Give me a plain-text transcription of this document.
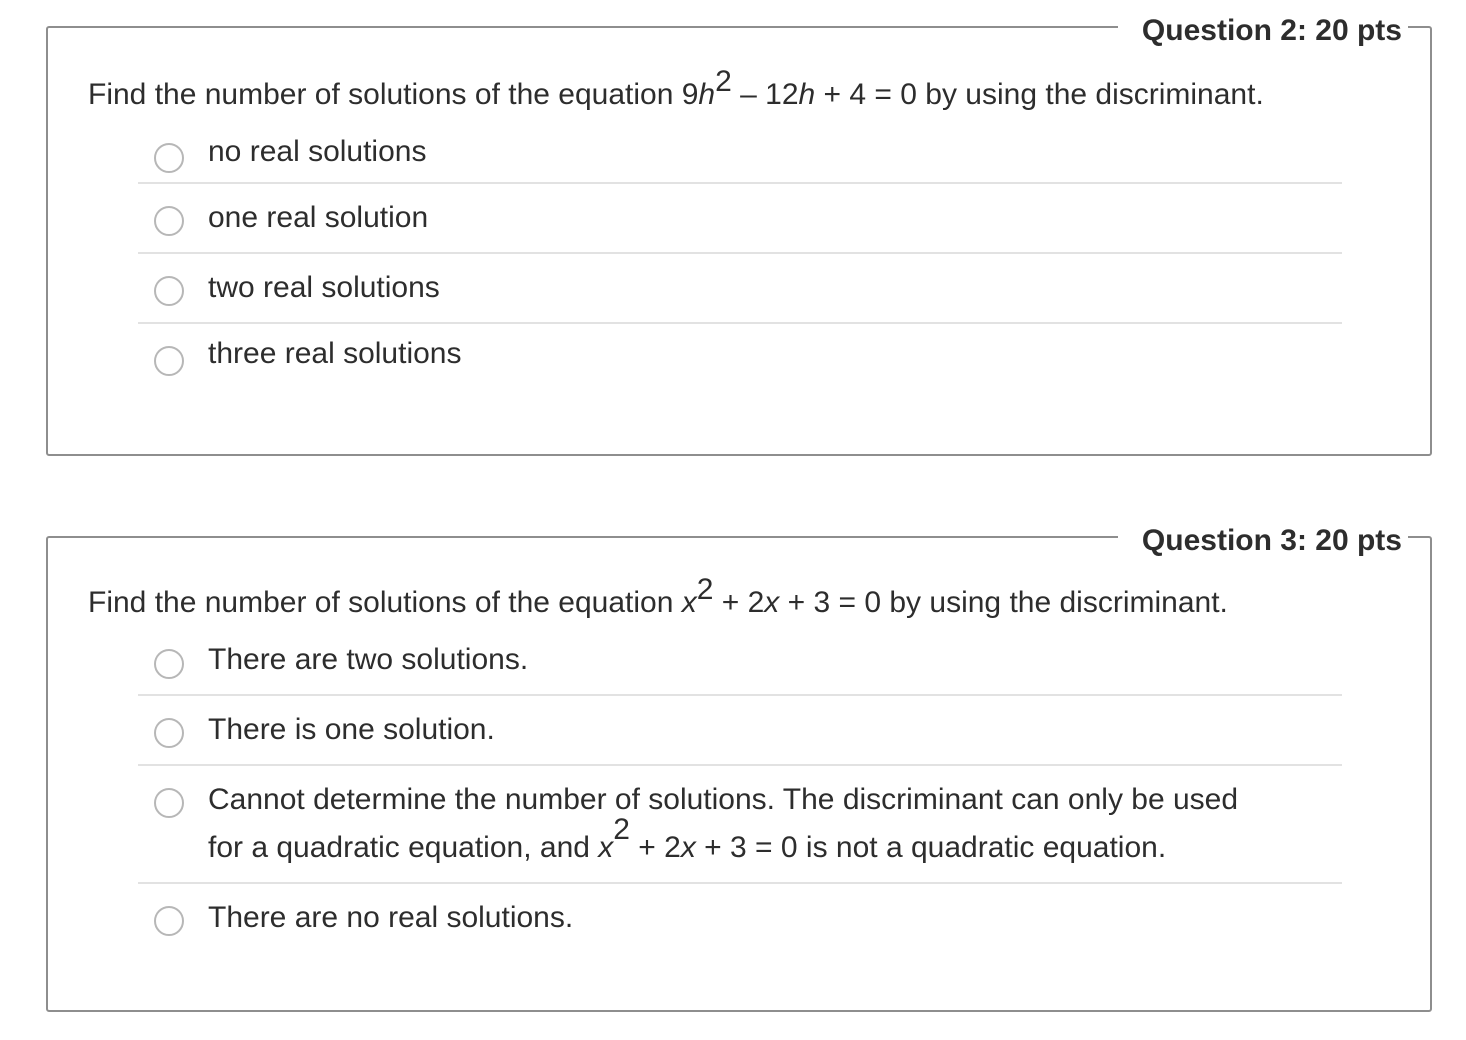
Question 2: 20 pts
Find the number of solutions of the equation $9h^2 - 12h + 4 = 0$ by using the discriminant.
no real solutions
one real solution
two real solutions
three real solutions
Question 3: 20 pts
Find the number of solutions of the equation $x^2 + 2x + 3 = 0$ by using the discriminant.
There are two solutions.
There is one solution.
Cannot determine the number of solutions. The discriminant can only be used
for a quadratic equation, and $x^2 + 2x + 3 = 0$ is not a quadratic equation.
There are no real solutions.
